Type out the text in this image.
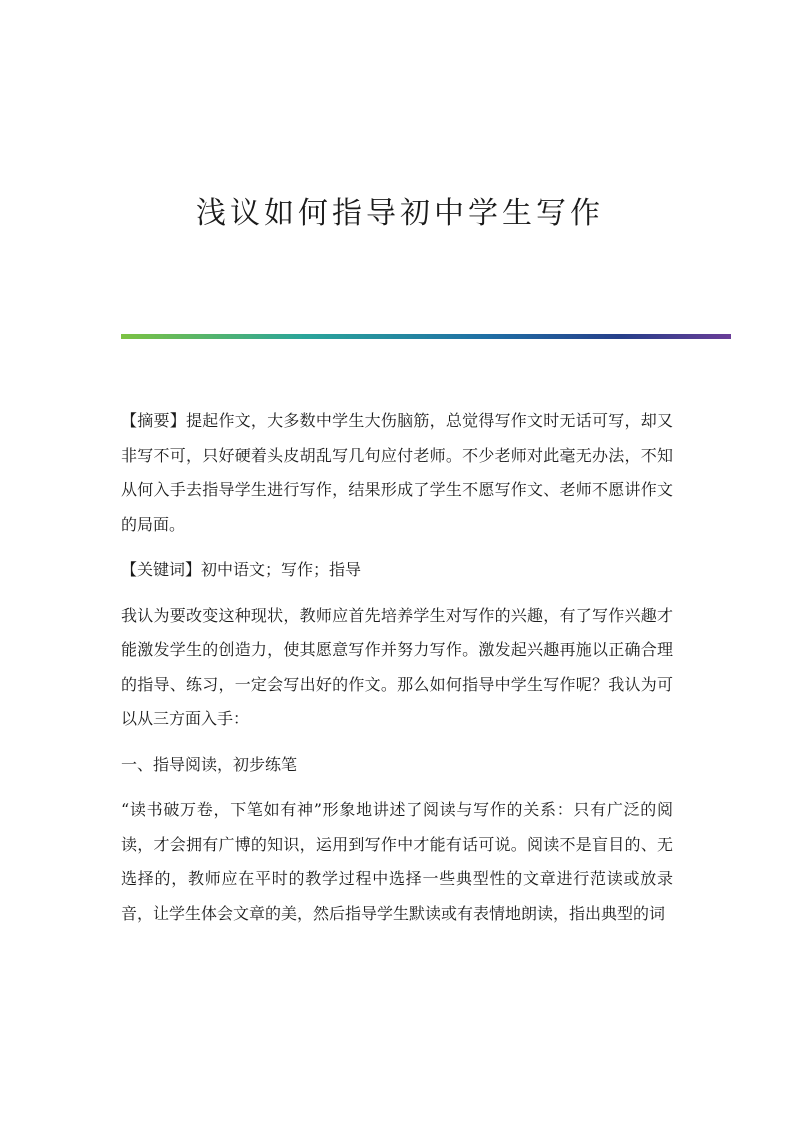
浅议如何指导初中学生写作

【摘要】提起作文，大多数中学生大伤脑筋，总觉得写作文时无话可写，却又非写不可，只好硬着头皮胡乱写几句应付老师。不少老师对此毫无办法，不知从何入手去指导学生进行写作，结果形成了学生不愿写作文、老师不愿讲作文的局面。

【关键词】初中语文；写作；指导

我认为要改变这种现状，教师应首先培养学生对写作的兴趣，有了写作兴趣才能激发学生的创造力，使其愿意写作并努力写作。激发起兴趣再施以正确合理的指导、练习，一定会写出好的作文。那么如何指导中学生写作呢？我认为可以从三方面入手：

一、指导阅读，初步练笔

“读书破万卷，下笔如有神”形象地讲述了阅读与写作的关系：只有广泛的阅读，才会拥有广博的知识，运用到写作中才能有话可说。阅读不是盲目的、无选择的，教师应在平时的教学过程中选择一些典型性的文章进行范读或放录音，让学生体会文章的美，然后指导学生默读或有表情地朗读，指出典型的词
